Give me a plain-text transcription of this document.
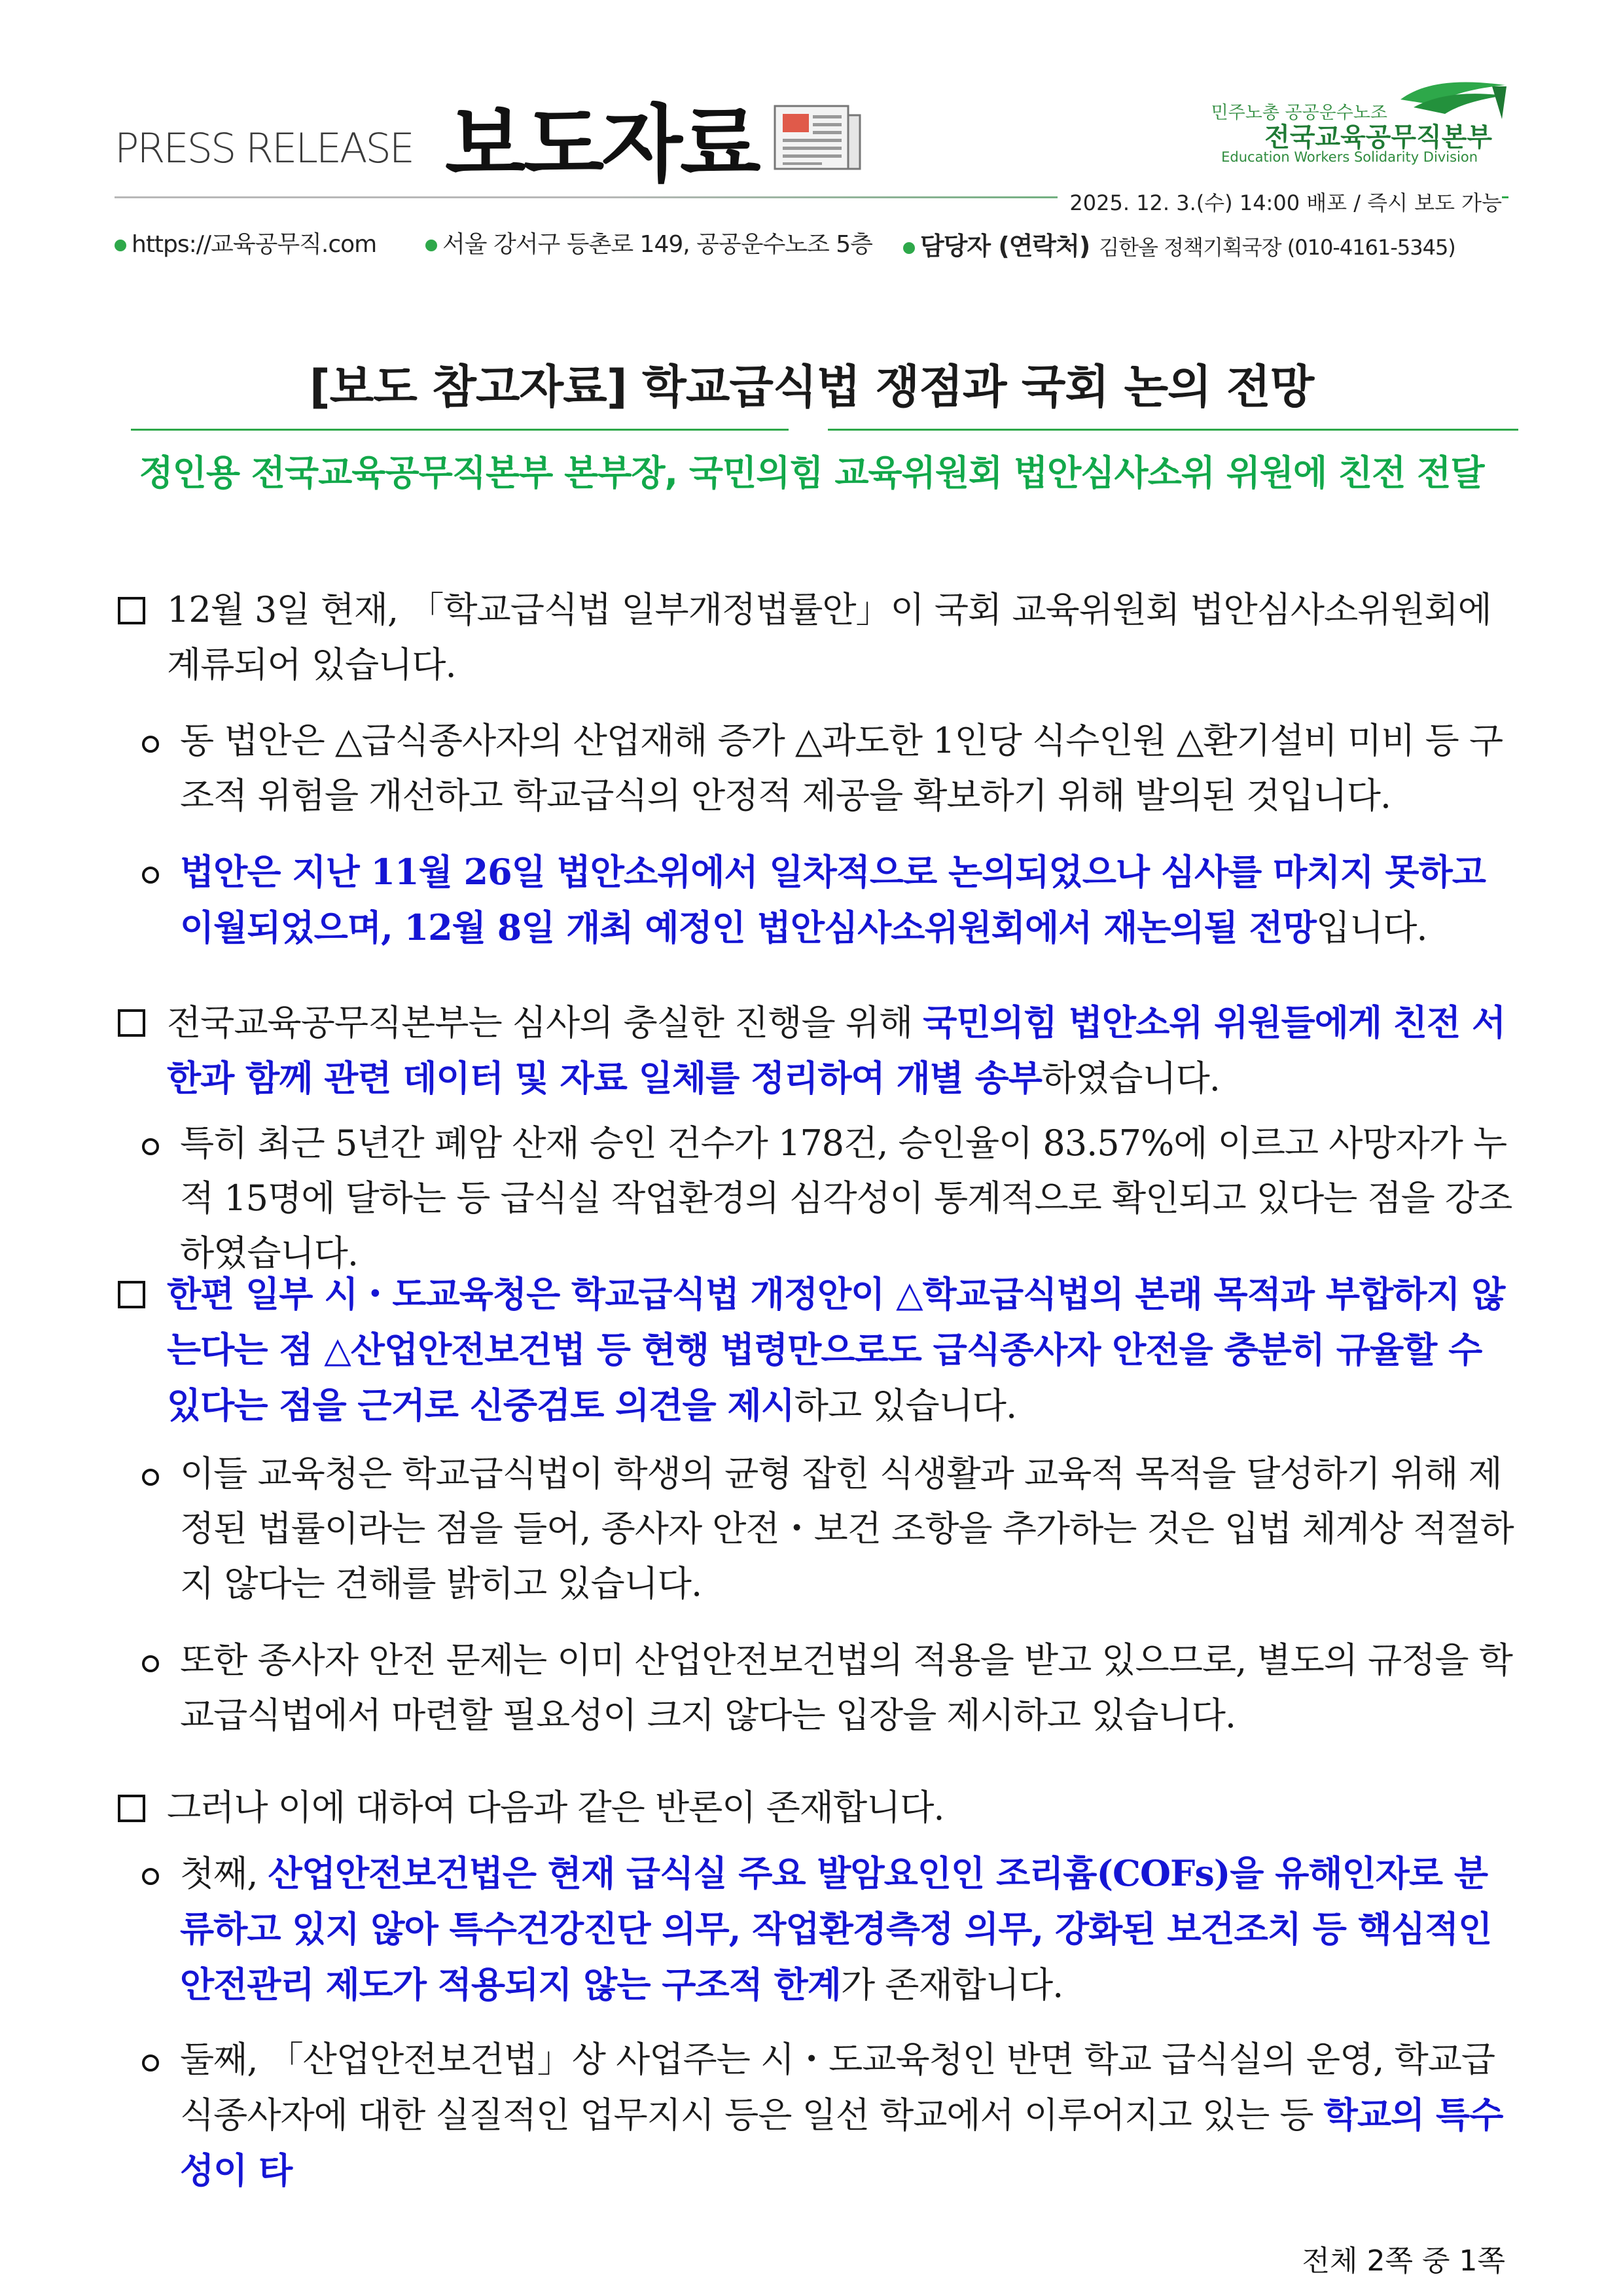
PRESS RELEASE 보도자료	민주노총 공공운수노조
전국교육공무직본부
Education Workers Solidarity Division
2025. 12. 3.(수) 14:00 배포 / 즉시 보도 가능
https://교육공무직.com	서울 강서구 등촌로 149, 공공운수노조 5층	담당자 (연락처) 김한올 정책기획국장 (010-4161-5345)
[보도 참고자료] 학교급식법 쟁점과 국회 논의 전망
정인용 전국교육공무직본부 본부장, 국민의힘 교육위원회 법안심사소위 위원에 친전 전달
12월 3일 현재, 「학교급식법 일부개정법률안」이 국회 교육위원회 법안심사소위원회에 계류되어 있습니다.
동 법안은 △급식종사자의 산업재해 증가 △과도한 1인당 식수인원 △환기설비 미비 등 구조적 위험을 개선하고 학교급식의 안정적 제공을 확보하기 위해 발의된 것입니다.
법안은 지난 11월 26일 법안소위에서 일차적으로 논의되었으나 심사를 마치지 못하고 이월되었으며, 12월 8일 개최 예정인 법안심사소위원회에서 재논의될 전망입니다.
전국교육공무직본부는 심사의 충실한 진행을 위해 국민의힘 법안소위 위원들에게 친전 서한과 함께 관련 데이터 및 자료 일체를 정리하여 개별 송부하였습니다.
특히 최근 5년간 폐암 산재 승인 건수가 178건, 승인율이 83.57%에 이르고 사망자가 누적 15명에 달하는 등 급식실 작업환경의 심각성이 통계적으로 확인되고 있다는 점을 강조하였습니다.
한편 일부 시・도교육청은 학교급식법 개정안이 △학교급식법의 본래 목적과 부합하지 않는다는 점 △산업안전보건법 등 현행 법령만으로도 급식종사자 안전을 충분히 규율할 수 있다는 점을 근거로 신중검토 의견을 제시하고 있습니다.
이들 교육청은 학교급식법이 학생의 균형 잡힌 식생활과 교육적 목적을 달성하기 위해 제정된 법률이라는 점을 들어, 종사자 안전・보건 조항을 추가하는 것은 입법 체계상 적절하지 않다는 견해를 밝히고 있습니다.
또한 종사자 안전 문제는 이미 산업안전보건법의 적용을 받고 있으므로, 별도의 규정을 학교급식법에서 마련할 필요성이 크지 않다는 입장을 제시하고 있습니다.
그러나 이에 대하여 다음과 같은 반론이 존재합니다.
첫째, 산업안전보건법은 현재 급식실 주요 발암요인인 조리흄(COFs)을 유해인자로 분류하고 있지 않아 특수건강진단 의무, 작업환경측정 의무, 강화된 보건조치 등 핵심적인 안전관리 제도가 적용되지 않는 구조적 한계가 존재합니다.
둘째, 「산업안전보건법」상 사업주는 시・도교육청인 반면 학교 급식실의 운영, 학교급식종사자에 대한 실질적인 업무지시 등은 일선 학교에서 이루어지고 있는 등 학교의 특수성이 타
전체 2쪽 중 1쪽
